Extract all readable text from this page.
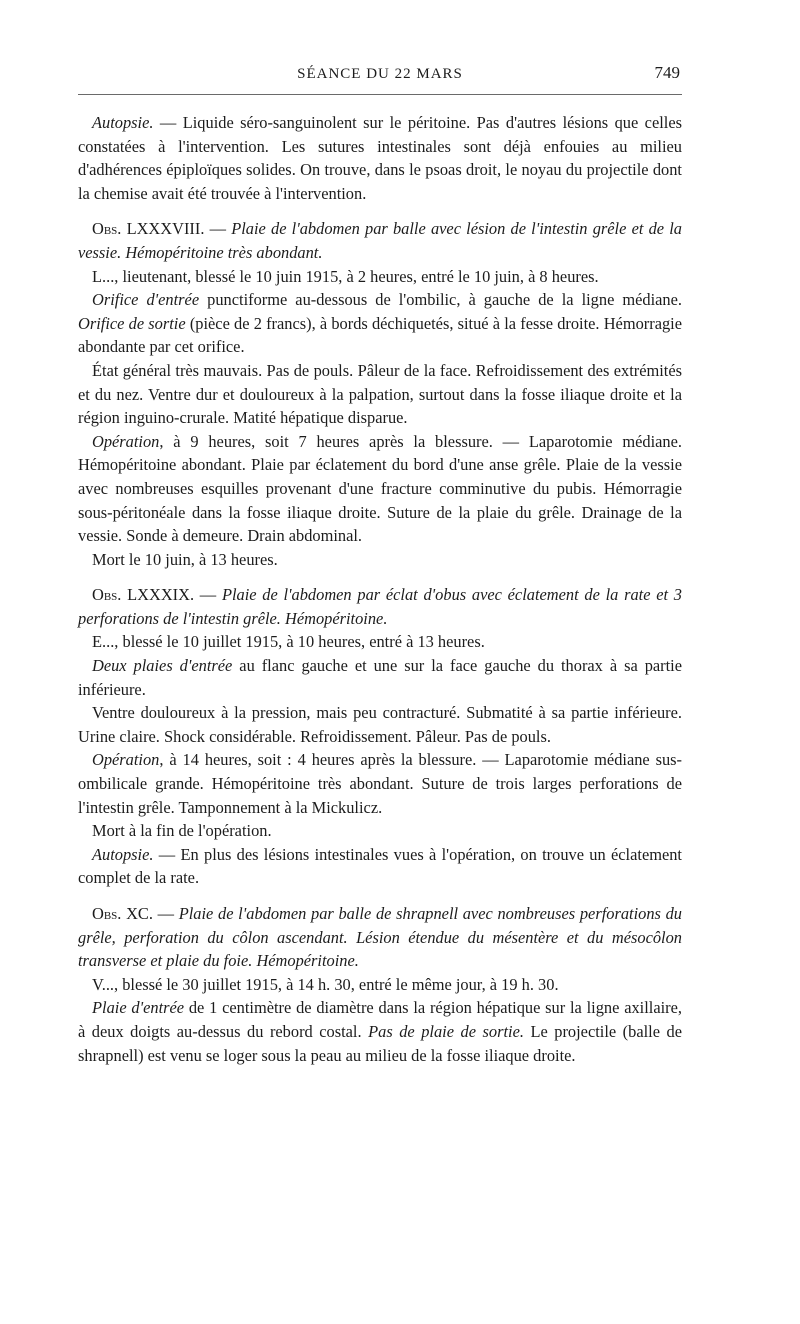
SÉANCE DU 22 MARS	749

Autopsie. — Liquide séro-sanguinolent sur le péritoine. Pas d'autres lésions que celles constatées à l'intervention. Les sutures intestinales sont déjà enfouies au milieu d'adhérences épiploïques solides. On trouve, dans le psoas droit, le noyau du projectile dont la chemise avait été trouvée à l'intervention.

Obs. LXXXVIII. — Plaie de l'abdomen par balle avec lésion de l'intestin grêle et de la vessie. Hémopéritoine très abondant.

L..., lieutenant, blessé le 10 juin 1915, à 2 heures, entré le 10 juin, à 8 heures.

Orifice d'entrée punctiforme au-dessous de l'ombilic, à gauche de la ligne médiane. Orifice de sortie (pièce de 2 francs), à bords déchiquetés, situé à la fesse droite. Hémorragie abondante par cet orifice.

État général très mauvais. Pas de pouls. Pâleur de la face. Refroidissement des extrémités et du nez. Ventre dur et douloureux à la palpation, surtout dans la fosse iliaque droite et la région inguino-crurale. Matité hépatique disparue.

Opération, à 9 heures, soit 7 heures après la blessure. — Laparotomie médiane. Hémopéritoine abondant. Plaie par éclatement du bord d'une anse grêle. Plaie de la vessie avec nombreuses esquilles provenant d'une fracture comminutive du pubis. Hémorragie sous-péritonéale dans la fosse iliaque droite. Suture de la plaie du grêle. Drainage de la vessie. Sonde à demeure. Drain abdominal.

Mort le 10 juin, à 13 heures.

Obs. LXXXIX. — Plaie de l'abdomen par éclat d'obus avec éclatement de la rate et 3 perforations de l'intestin grêle. Hémopéritoine.

E..., blessé le 10 juillet 1915, à 10 heures, entré à 13 heures.

Deux plaies d'entrée au flanc gauche et une sur la face gauche du thorax à sa partie inférieure.

Ventre douloureux à la pression, mais peu contracturé. Submatité à sa partie inférieure. Urine claire. Shock considérable. Refroidissement. Pâleur. Pas de pouls.

Opération, à 14 heures, soit : 4 heures après la blessure. — Laparotomie médiane sus-ombilicale grande. Hémopéritoine très abondant. Suture de trois larges perforations de l'intestin grêle. Tamponnement à la Mickulicz.

Mort à la fin de l'opération.

Autopsie. — En plus des lésions intestinales vues à l'opération, on trouve un éclatement complet de la rate.

Obs. XC. — Plaie de l'abdomen par balle de shrapnell avec nombreuses perforations du grêle, perforation du côlon ascendant. Lésion étendue du mésentère et du mésocôlon transverse et plaie du foie. Hémopéritoine.

V..., blessé le 30 juillet 1915, à 14 h. 30, entré le même jour, à 19 h. 30.

Plaie d'entrée de 1 centimètre de diamètre dans la région hépatique sur la ligne axillaire, à deux doigts au-dessus du rebord costal. Pas de plaie de sortie. Le projectile (balle de shrapnell) est venu se loger sous la peau au milieu de la fosse iliaque droite.
